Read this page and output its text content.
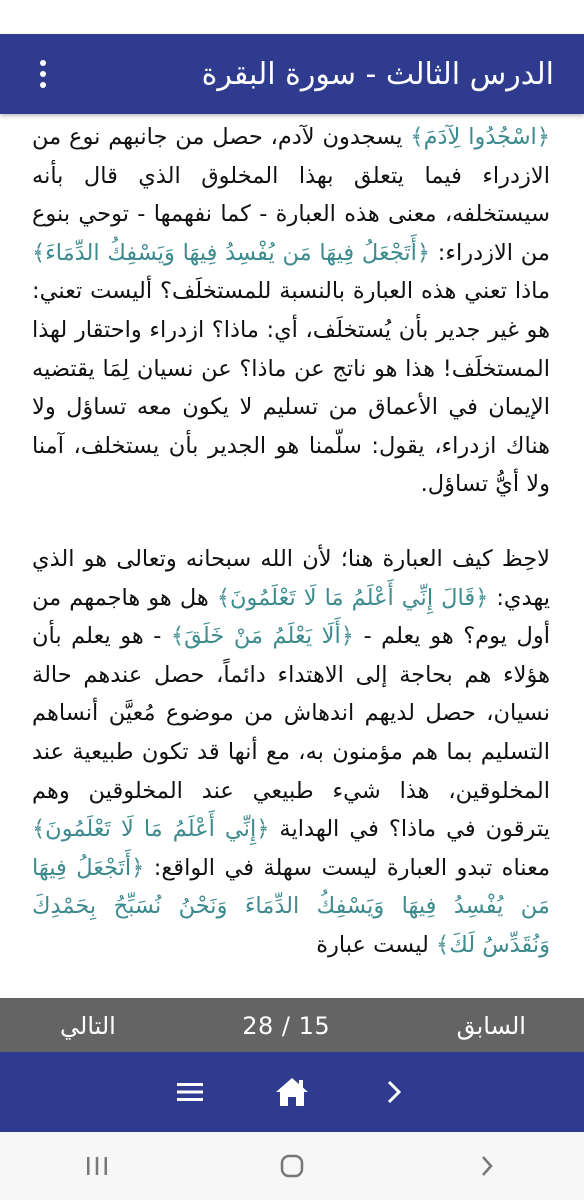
الدرس الثالث - سورة البقرة

﴿اسْجُدُوا لِآدَمَ﴾ يسجدون لآدم، حصل من جانبهم نوع من الازدراء فيما يتعلق بهذا المخلوق الذي قال بأنه سيستخلفه، معنى هذه العبارة - كما نفهمها - توحي بنوع من الازدراء: ﴿أَتَجْعَلُ فِيهَا مَن يُفْسِدُ فِيهَا وَيَسْفِكُ الدِّمَاءَ﴾ ماذا تعني هذه العبارة بالنسبة للمستخلَف؟ أليست تعني: هو غير جدير بأن يُستخلَف، أي: ماذا؟ ازدراء واحتقار لهذا المستخلَف! هذا هو ناتج عن ماذا؟ عن نسيان لِمَا يقتضيه الإيمان في الأعماق من تسليم لا يكون معه تساؤل ولا هناك ازدراء، يقول: سلّمنا هو الجدير بأن يستخلف، آمنا ولا أيُّ تساؤل.

لاحِظ كيف العبارة هنا؛ لأن الله سبحانه وتعالى هو الذي يهدي: ﴿قَالَ إِنِّي أَعْلَمُ مَا لَا تَعْلَمُونَ﴾ هل هو هاجمهم من أول يوم؟ هو يعلم - ﴿أَلَا يَعْلَمُ مَنْ خَلَقَ﴾ - هو يعلم بأن هؤلاء هم بحاجة إلى الاهتداء دائماً، حصل عندهم حالة نسيان، حصل لديهم اندهاش من موضوع مُعيَّن أنساهم التسليم بما هم مؤمنون به، مع أنها قد تكون طبيعية عند المخلوقين، هذا شيء طبيعي عند المخلوقين وهم يترقون في ماذا؟ في الهداية ﴿إِنِّي أَعْلَمُ مَا لَا تَعْلَمُونَ﴾ معناه تبدو العبارة ليست سهلة في الواقع: ﴿أَتَجْعَلُ فِيهَا مَن يُفْسِدُ فِيهَا وَيَسْفِكُ الدِّمَاءَ وَنَحْنُ نُسَبِّحُ بِحَمْدِكَ وَنُقَدِّسُ لَكَ﴾ ليست عبارة

التالي	28 / 15	السابق
